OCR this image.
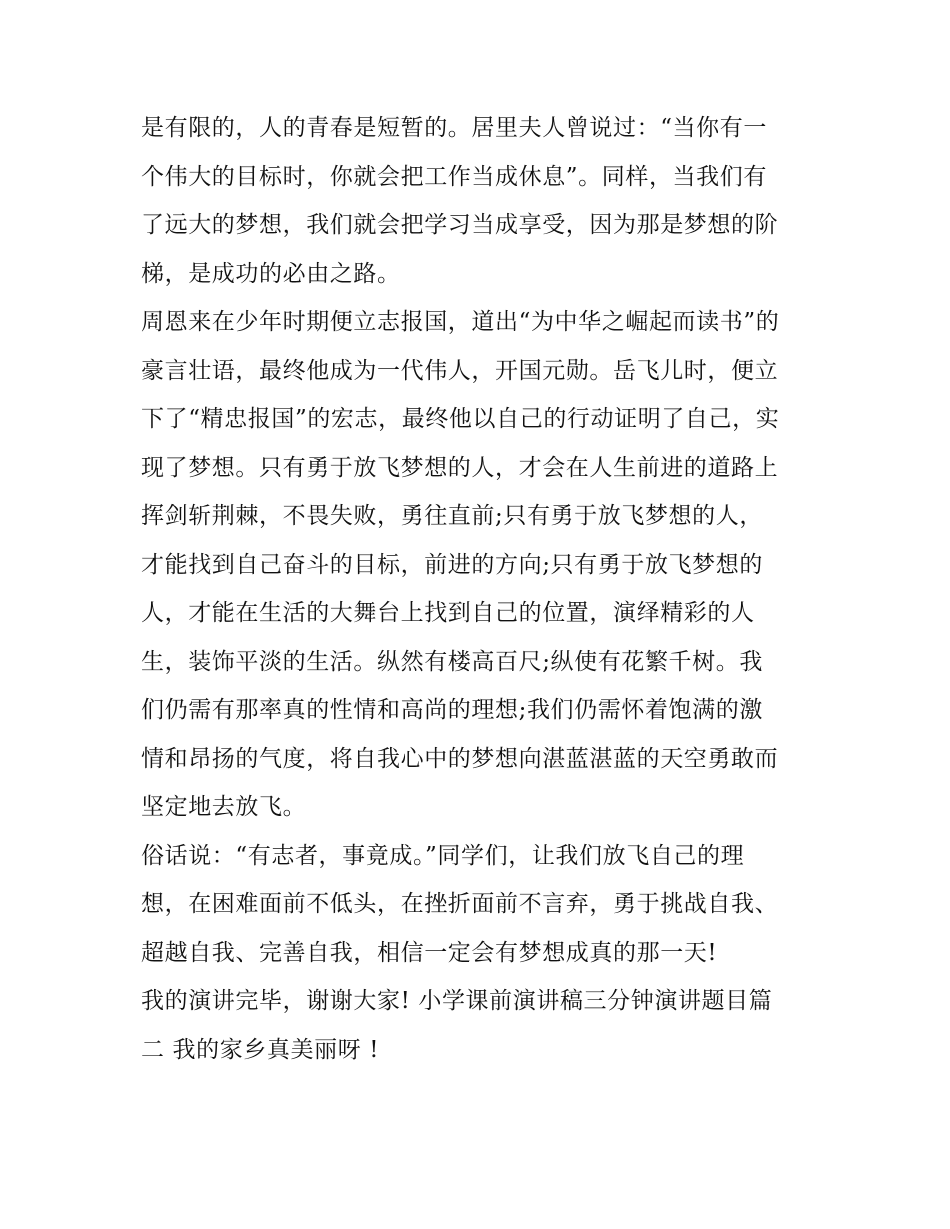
是有限的，人的青春是短暂的。居里夫人曾说过：“当你有一
个伟大的目标时，你就会把工作当成休息”。同样，当我们有
了远大的梦想，我们就会把学习当成享受，因为那是梦想的阶
梯，是成功的必由之路。
周恩来在少年时期便立志报国，道出“为中华之崛起而读书”的
豪言壮语，最终他成为一代伟人，开国元勋。岳飞儿时，便立
下了“精忠报国”的宏志，最终他以自己的行动证明了自己，实
现了梦想。只有勇于放飞梦想的人，才会在人生前进的道路上
挥剑斩荆棘，不畏失败，勇往直前;只有勇于放飞梦想的人，
才能找到自己奋斗的目标，前进的方向;只有勇于放飞梦想的
人，才能在生活的大舞台上找到自己的位置，演绎精彩的人
生，装饰平淡的生活。纵然有楼高百尺;纵使有花繁千树。我
们仍需有那率真的性情和高尚的理想;我们仍需怀着饱满的激
情和昂扬的气度，将自我心中的梦想向湛蓝湛蓝的天空勇敢而
坚定地去放飞。
俗话说：“有志者，事竟成。”同学们，让我们放飞自己的理
想，在困难面前不低头，在挫折面前不言弃，勇于挑战自我、
超越自我、完善自我，相信一定会有梦想成真的那一天!
我的演讲完毕，谢谢大家! 小学课前演讲稿三分钟演讲题目篇
二 我的家乡真美丽呀 !
